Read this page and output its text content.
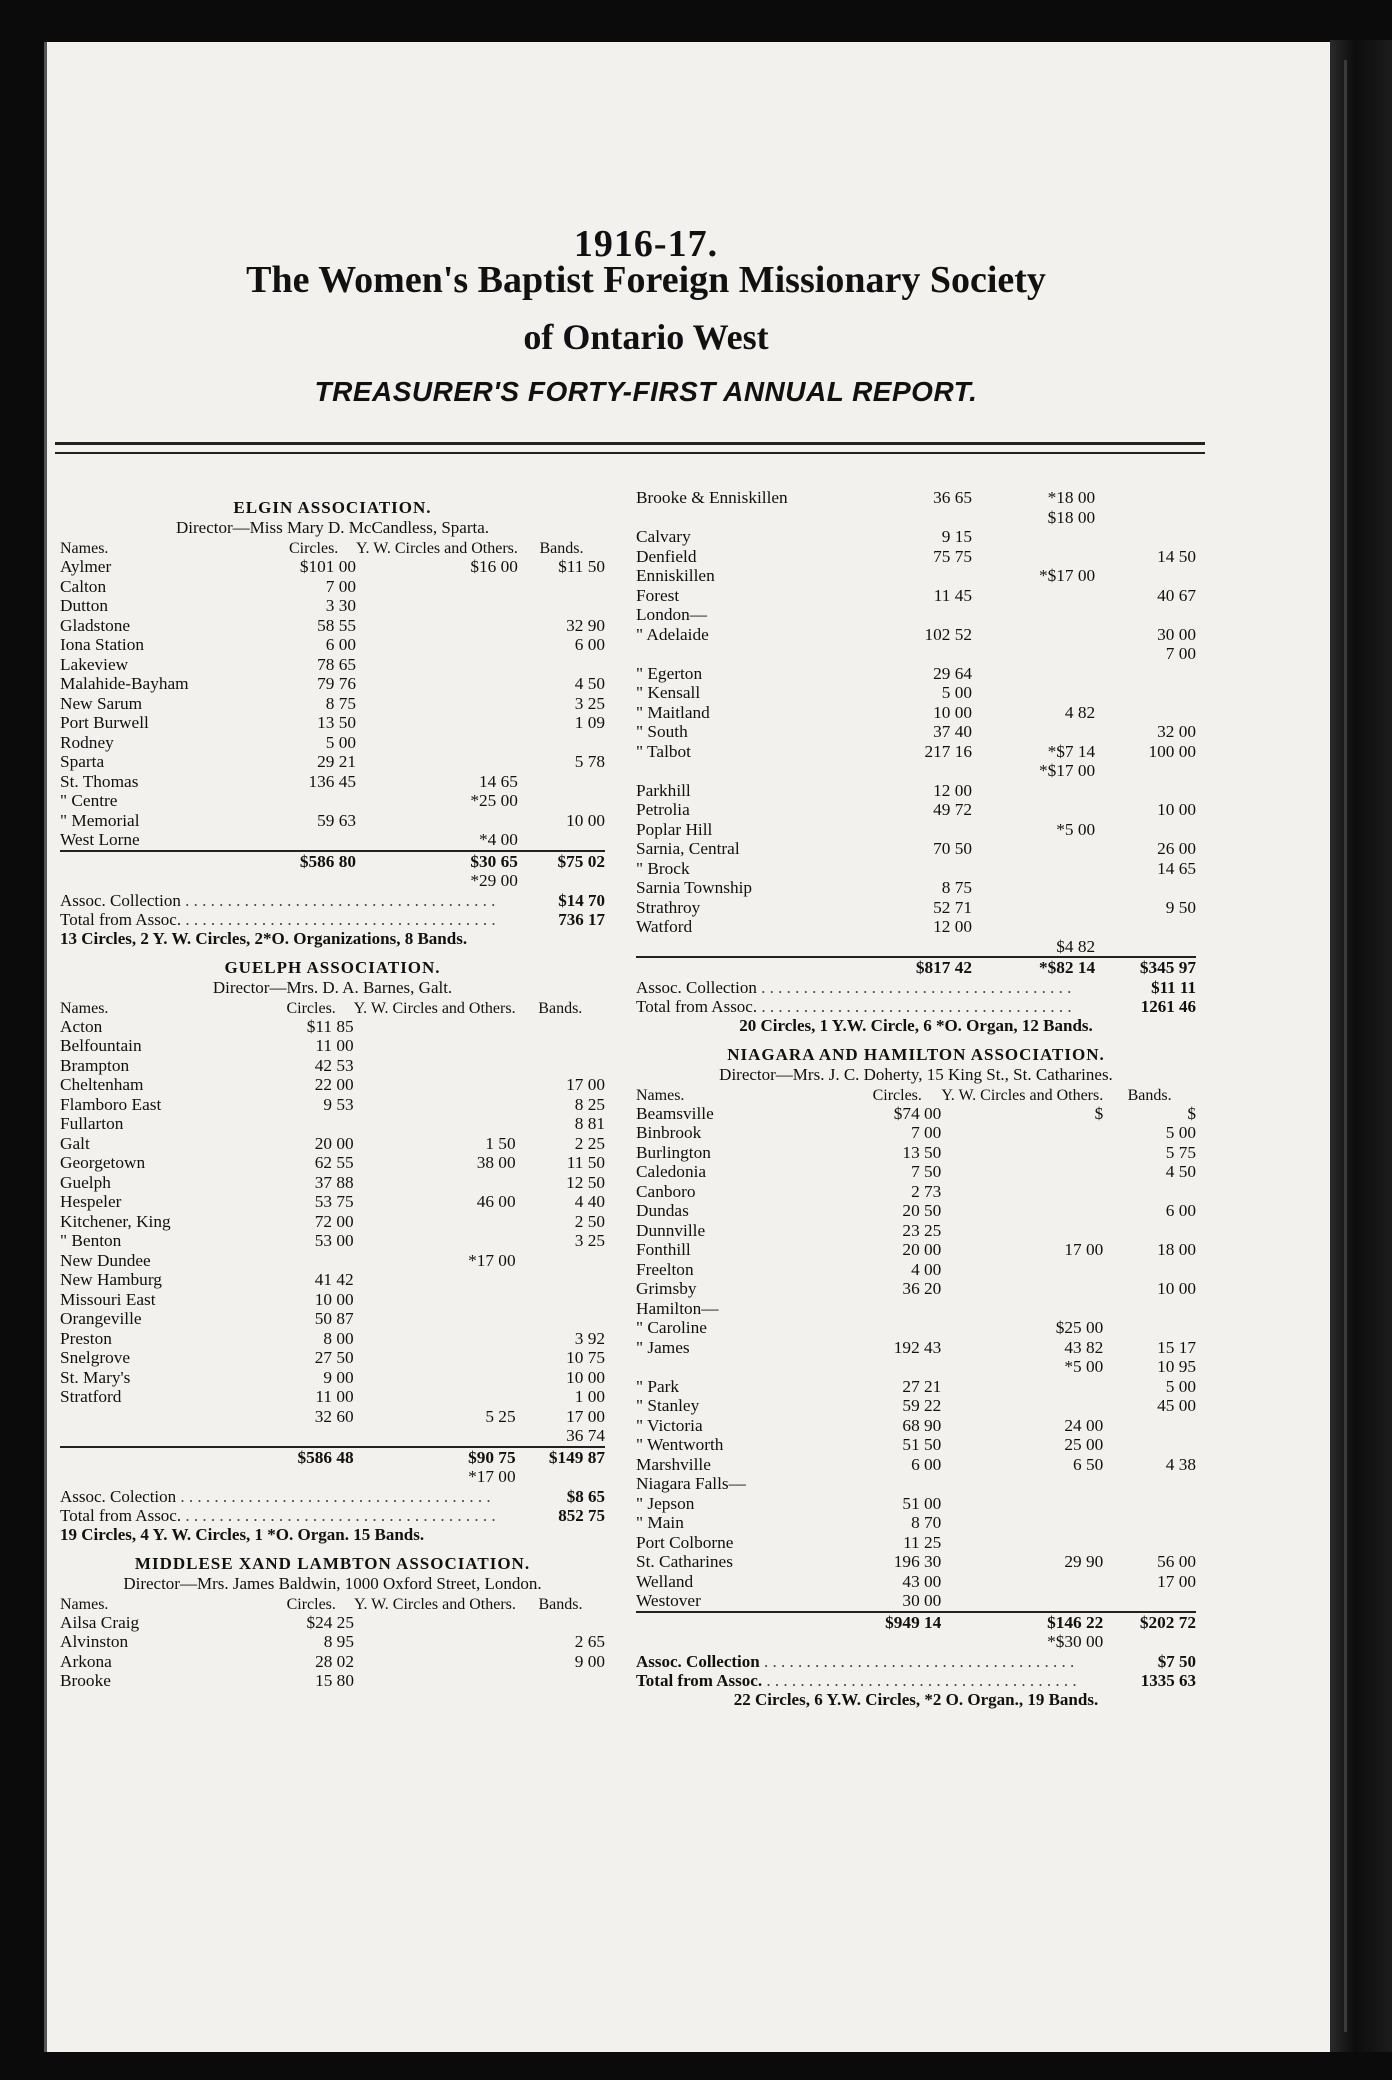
1916-17.
The Women's Baptist Foreign Missionary Society
of Ontario West
TREASURER'S FORTY-FIRST ANNUAL REPORT.
ELGIN ASSOCIATION.
Director—Miss Mary D. McCandless, Sparta.
Names.	Circles.	Y. W. Circles and Others.	Bands.
Aylmer	$101 00	$16 00	$11 50
Calton	7 00		
Dutton	3 30		
Gladstone	58 55		32 90
Iona Station	6 00		6 00
Lakeview	78 65		
Malahide-Bayham	79 76		4 50
New Sarum	8 75		3 25
Port Burwell	13 50		1 09
Rodney	5 00		
Sparta	29 21		5 78
St. Thomas	136 45	14 65	
" Centre		*25 00	
" Memorial	59 63		10 00
West Lorne		*4 00	
	$586 80	$30 65	$75 02
		*29 00	
Assoc. Collection . . . . . . . . . . . . . . . . . . . . . . . . . . . . . . . . . . . . .	$14 70
Total from Assoc. . . . . . . . . . . . . . . . . . . . . . . . . . . . . . . . . . . . . .	736 17
13 Circles, 2 Y. W. Circles, 2*O. Organizations, 8 Bands.
GUELPH ASSOCIATION.
Director—Mrs. D. A. Barnes, Galt.
Names.	Circles.	Y. W. Circles and Others.	Bands.
Acton	$11 85		
Belfountain	11 00		
Brampton	42 53		
Cheltenham	22 00		17 00
Flamboro East	9 53		8 25
Fullarton			8 81
Galt	20 00	1 50	2 25
Georgetown	62 55	38 00	11 50
Guelph	37 88		12 50
Hespeler	53 75	46 00	4 40
Kitchener, King	72 00		2 50
" Benton	53 00		3 25
New Dundee		*17 00	
New Hamburg	41 42		
Missouri East	10 00		
Orangeville	50 87		
Preston	8 00		3 92
Snelgrove	27 50		10 75
St. Mary's	9 00		10 00
Stratford	11 00		1 00
	32 60	5 25	17 00
			36 74
	$586 48	$90 75	$149 87
		*17 00	
Assoc. Colection . . . . . . . . . . . . . . . . . . . . . . . . . . . . . . . . . . . . .	$8 65
Total from Assoc. . . . . . . . . . . . . . . . . . . . . . . . . . . . . . . . . . . . . .	852 75
19 Circles, 4 Y. W. Circles, 1 *O. Organ. 15 Bands.
MIDDLESE XAND LAMBTON ASSOCIATION.
Director—Mrs. James Baldwin, 1000 Oxford Street, London.
Names.	Circles.	Y. W. Circles and Others.	Bands.
Ailsa Craig	$24 25		
Alvinston	8 95		2 65
Arkona	28 02		9 00
Brooke	15 80		
Brooke & Enniskillen	36 65	*18 00	
		$18 00	
Calvary	9 15		
Denfield	75 75		14 50
Enniskillen		*$17 00	
Forest	11 45		40 67
London—			
" Adelaide	102 52		30 00
			7 00
" Egerton	29 64		
" Kensall	5 00		
" Maitland	10 00	4 82	
" South	37 40		32 00
" Talbot	217 16	*$7 14	100 00
		*$17 00	
Parkhill	12 00		
Petrolia	49 72		10 00
Poplar Hill		*5 00	
Sarnia, Central	70 50		26 00
" Brock			14 65
Sarnia Township	8 75		
Strathroy	52 71		9 50
Watford	12 00		
		$4 82	
	$817 42	*$82 14	$345 97
Assoc. Collection . . . . . . . . . . . . . . . . . . . . . . . . . . . . . . . . . . . . .	$11 11
Total from Assoc. . . . . . . . . . . . . . . . . . . . . . . . . . . . . . . . . . . . . .	1261 46
20 Circles, 1 Y.W. Circle, 6 *O. Organ, 12 Bands.
NIAGARA AND HAMILTON ASSOCIATION.
Director—Mrs. J. C. Doherty, 15 King St., St. Catharines.
Names.	Circles.	Y. W. Circles and Others.	Bands.
Beamsville	$74 00	$	$
Binbrook	7 00		5 00
Burlington	13 50		5 75
Caledonia	7 50		4 50
Canboro	2 73		
Dundas	20 50		6 00
Dunnville	23 25		
Fonthill	20 00	17 00	18 00
Freelton	4 00		
Grimsby	36 20		10 00
Hamilton—			
" Caroline		$25 00	
" James	192 43	43 82	15 17
		*5 00	10 95
" Park	27 21		5 00
" Stanley	59 22		45 00
" Victoria	68 90	24 00	
" Wentworth	51 50	25 00	
Marshville	6 00	6 50	4 38
Niagara Falls—			
" Jepson	51 00		
" Main	8 70		
Port Colborne	11 25		
St. Catharines	196 30	29 90	56 00
Welland	43 00		17 00
Westover	30 00		
	$949 14	$146 22	$202 72
		*$30 00	
Assoc. Collection . . . . . . . . . . . . . . . . . . . . . . . . . . . . . . . . . . . . .	$7 50
Total from Assoc. . . . . . . . . . . . . . . . . . . . . . . . . . . . . . . . . . . . . .	1335 63
22 Circles, 6 Y.W. Circles, *2 O. Organ., 19 Bands.
